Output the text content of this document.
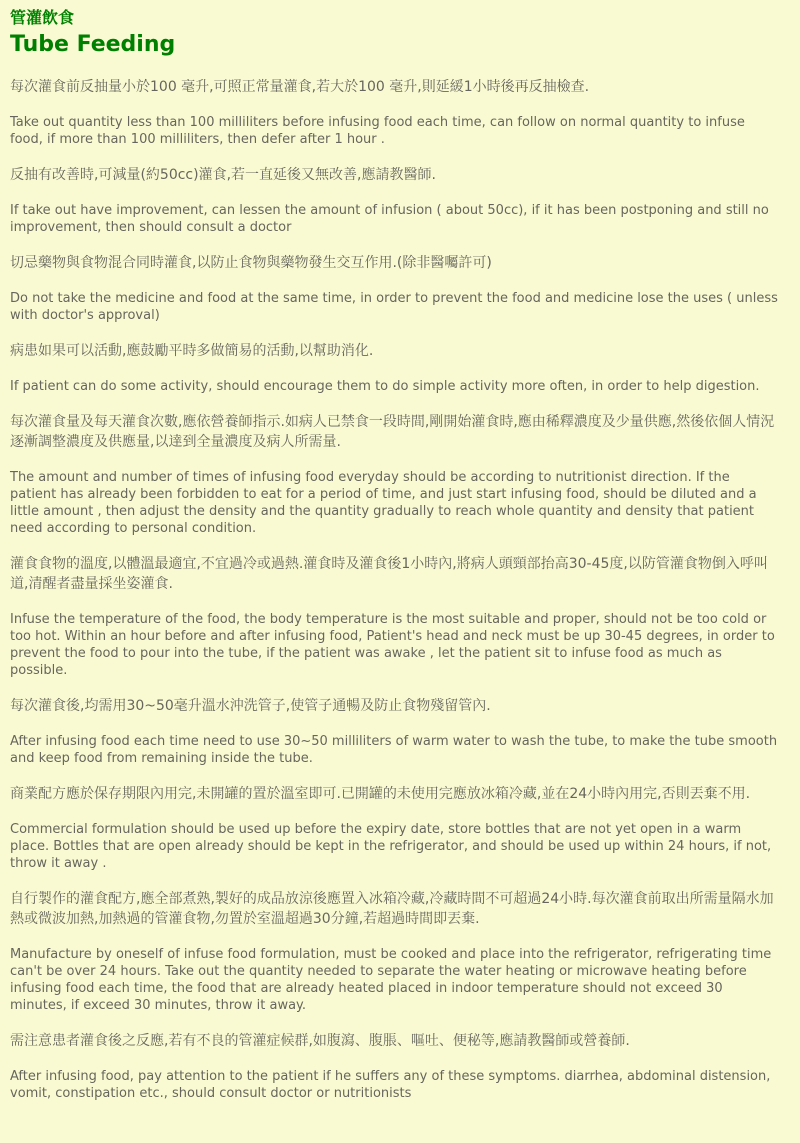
管灌飲食
Tube Feeding

每次灌食前反抽量小於100 毫升,可照正常量灌食,若大於100 毫升,則延緩1小時後再反抽檢查.

Take out quantity less than 100 milliliters before infusing food each time, can follow on normal quantity to infuse food, if more than 100 milliliters, then defer after 1 hour .

反抽有改善時,可減量(約50cc)灌食,若一直延後又無改善,應請教醫師.

If take out have improvement, can lessen the amount of infusion ( about 50cc), if it has been postponing and still no improvement, then should consult a doctor

切忌藥物與食物混合同時灌食,以防止食物與藥物發生交互作用.(除非醫囑許可)

Do not take the medicine and food at the same time, in order to prevent the food and medicine lose the uses ( unless with doctor's approval)

病患如果可以活動,應鼓勵平時多做簡易的活動,以幫助消化.

If patient can do some activity, should encourage them to do simple activity more often, in order to help digestion.

每次灌食量及每天灌食次數,應依營養師指示.如病人已禁食一段時間,剛開始灌食時,應由稀釋濃度及少量供應,然後依個人情況逐漸調整濃度及供應量,以達到全量濃度及病人所需量.

The amount and number of times of infusing food everyday should be according to nutritionist direction. If the patient has already been forbidden to eat for a period of time, and just start infusing food, should be diluted and a little amount , then adjust the density and the quantity gradually to reach whole quantity and density that patient need according to personal condition.

灌食食物的溫度,以體溫最適宜,不宜過冷或過熱.灌食時及灌食後1小時內,將病人頭頸部抬高30-45度,以防管灌食物倒入呼叫道,清醒者盡量採坐姿灌食.

Infuse the temperature of the food, the body temperature is the most suitable and proper, should not be too cold or too hot. Within an hour before and after infusing food, Patient's head and neck must be up 30-45 degrees, in order to prevent the food to pour into the tube, if the patient was awake , let the patient sit to infuse food as much as possible.

每次灌食後,均需用30~50毫升溫水沖洗管子,使管子通暢及防止食物殘留管內.

After infusing food each time need to use 30~50 milliliters of warm water to wash the tube, to make the tube smooth and keep food from remaining inside the tube.

商業配方應於保存期限內用完,未開罐的置於溫室即可.已開罐的未使用完應放冰箱冷藏,並在24小時內用完,否則丟棄不用.

Commercial formulation should be used up before the expiry date, store bottles that are not yet open in a warm place. Bottles that are open already should be kept in the refrigerator, and should be used up within 24 hours, if not, throw it away .

自行製作的灌食配方,應全部煮熟,製好的成品放涼後應置入冰箱冷藏,冷藏時間不可超過24小時.每次灌食前取出所需量隔水加熱或微波加熱,加熱過的管灌食物,勿置於室溫超過30分鐘,若超過時間即丟棄.

Manufacture by oneself of infuse food formulation, must be cooked and place into the refrigerator, refrigerating time can't be over 24 hours. Take out the quantity needed to separate the water heating or microwave heating before infusing food each time, the food that are already heated placed in indoor temperature should not exceed 30 minutes, if exceed 30 minutes, throw it away.

需注意患者灌食後之反應,若有不良的管灌症候群,如腹瀉、腹脹、嘔吐、便秘等,應請教醫師或營養師.

After infusing food, pay attention to the patient if he suffers any of these symptoms. diarrhea, abdominal distension, vomit, constipation etc., should consult doctor or nutritionists
